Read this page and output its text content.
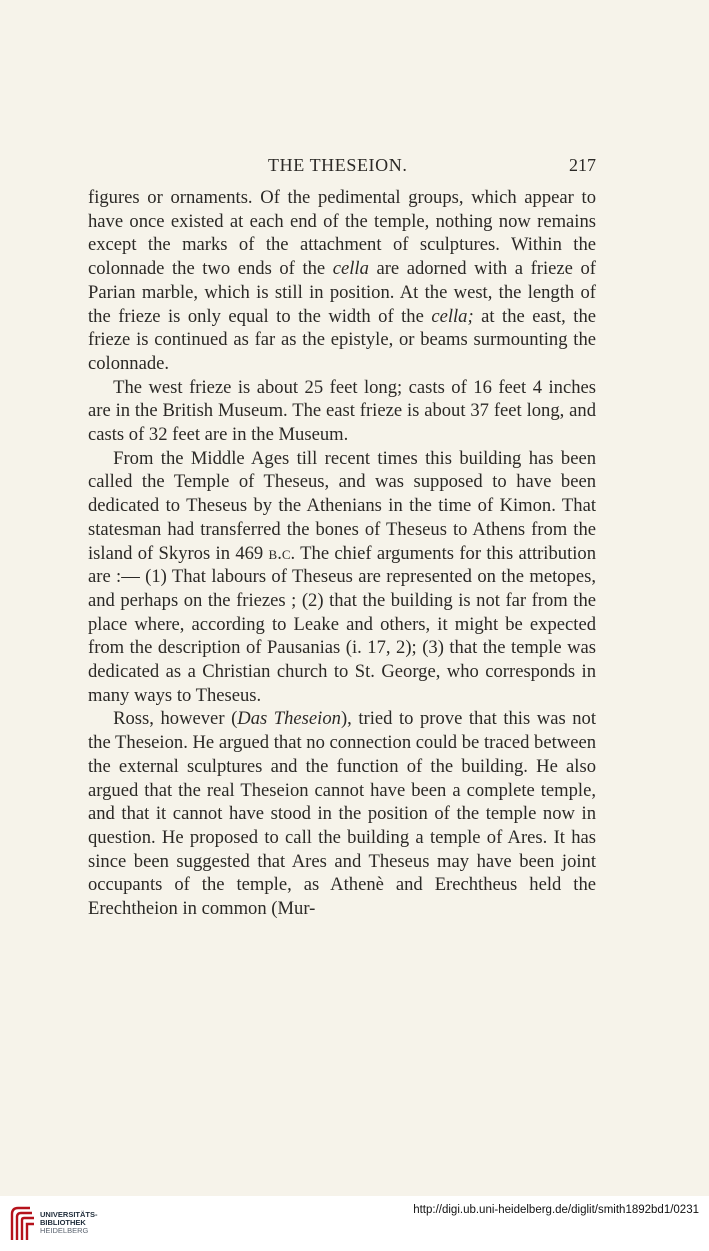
THE THESEION.	217

figures or ornaments. Of the pedimental groups, which appear to have once existed at each end of the temple, nothing now remains except the marks of the attachment of sculptures. Within the colonnade the two ends of the cella are adorned with a frieze of Parian marble, which is still in position. At the west, the length of the frieze is only equal to the width of the cella; at the east, the frieze is continued as far as the epistyle, or beams surmounting the colonnade.

The west frieze is about 25 feet long; casts of 16 feet 4 inches are in the British Museum. The east frieze is about 37 feet long, and casts of 32 feet are in the Museum.

From the Middle Ages till recent times this building has been called the Temple of Theseus, and was supposed to have been dedicated to Theseus by the Athenians in the time of Kimon. That statesman had transferred the bones of Theseus to Athens from the island of Skyros in 469 b.c. The chief arguments for this attribution are :— (1) That labours of Theseus are represented on the metopes, and perhaps on the friezes ; (2) that the building is not far from the place where, according to Leake and others, it might be expected from the description of Pausanias (i. 17, 2); (3) that the temple was dedicated as a Christian church to St. George, who corresponds in many ways to Theseus.

Ross, however (Das Theseion), tried to prove that this was not the Theseion. He argued that no connection could be traced between the external sculptures and the function of the building. He also argued that the real Theseion cannot have been a complete temple, and that it cannot have stood in the position of the temple now in question. He proposed to call the building a temple of Ares. It has since been suggested that Ares and Theseus may have been joint occupants of the temple, as Athenè and Erechtheus held the Erechtheion in common (Mur-

UNIVERSITÄTS-
BIBLIOTHEK
HEIDELBERG
http://digi.ub.uni-heidelberg.de/diglit/smith1892bd1/0231
